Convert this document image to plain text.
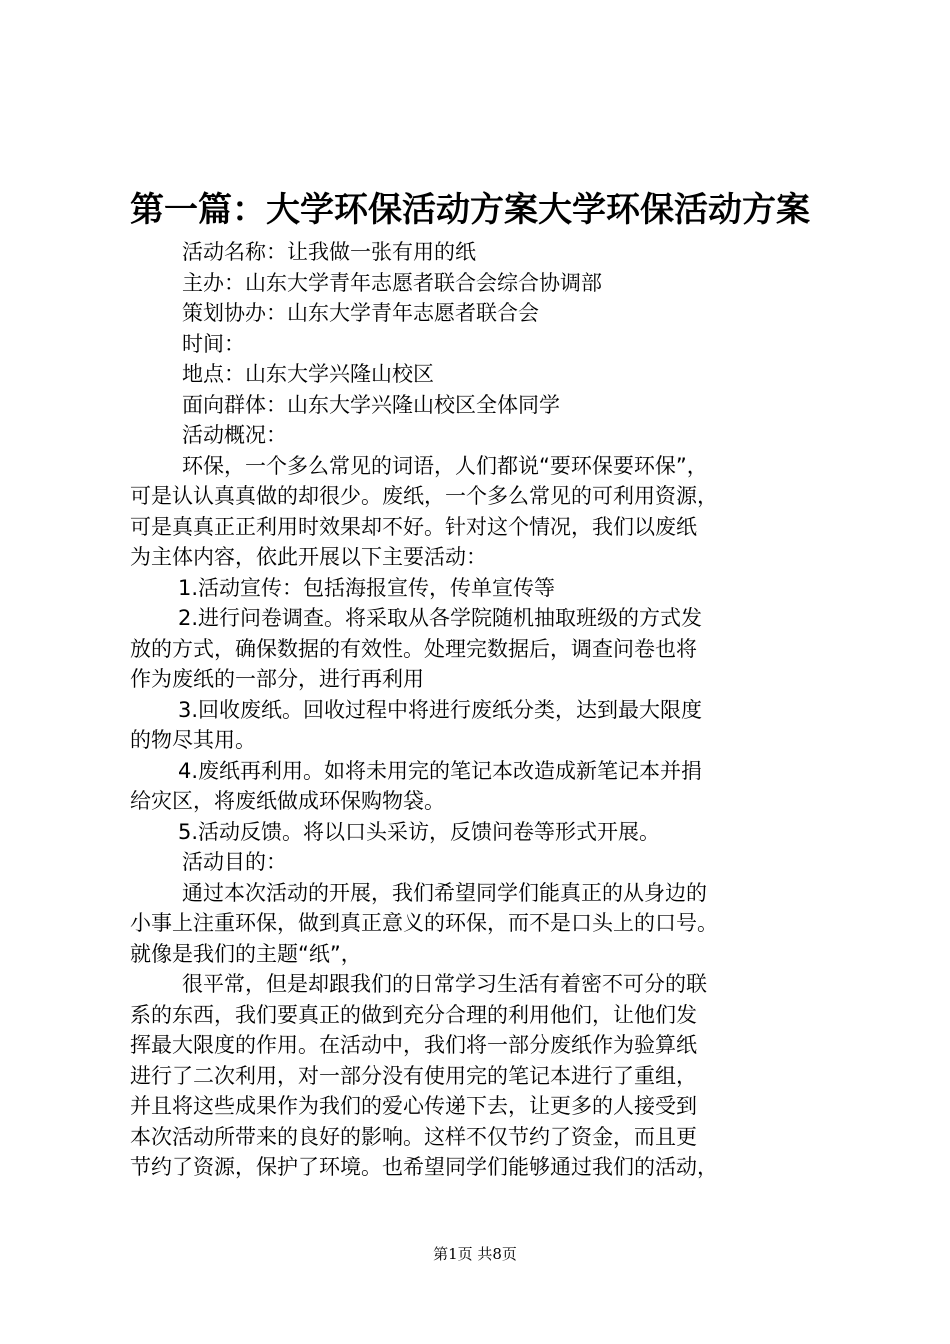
第一篇：大学环保活动方案大学环保活动方案
活动名称：让我做一张有用的纸
主办：山东大学青年志愿者联合会综合协调部
策划协办：山东大学青年志愿者联合会
时间：
地点：山东大学兴隆山校区
面向群体：山东大学兴隆山校区全体同学
活动概况：
环保，一个多么常见的词语，人们都说“要环保要环保”，
可是认认真真做的却很少。废纸，一个多么常见的可利用资源，
可是真真正正利用时效果却不好。针对这个情况，我们以废纸
为主体内容，依此开展以下主要活动：
1.活动宣传：包括海报宣传，传单宣传等
2.进行问卷调查。将采取从各学院随机抽取班级的方式发
放的方式，确保数据的有效性。处理完数据后，调查问卷也将
作为废纸的一部分，进行再利用
3.回收废纸。回收过程中将进行废纸分类，达到最大限度
的物尽其用。
4.废纸再利用。如将未用完的笔记本改造成新笔记本并捐
给灾区，将废纸做成环保购物袋。
5.活动反馈。将以口头采访，反馈问卷等形式开展。
活动目的：
通过本次活动的开展，我们希望同学们能真正的从身边的
小事上注重环保，做到真正意义的环保，而不是口头上的口号。
就像是我们的主题“纸”，
很平常，但是却跟我们的日常学习生活有着密不可分的联
系的东西，我们要真正的做到充分合理的利用他们，让他们发
挥最大限度的作用。在活动中，我们将一部分废纸作为验算纸
进行了二次利用，对一部分没有使用完的笔记本进行了重组，
并且将这些成果作为我们的爱心传递下去，让更多的人接受到
本次活动所带来的良好的影响。这样不仅节约了资金，而且更
节约了资源，保护了环境。也希望同学们能够通过我们的活动，
第1页 共8页
